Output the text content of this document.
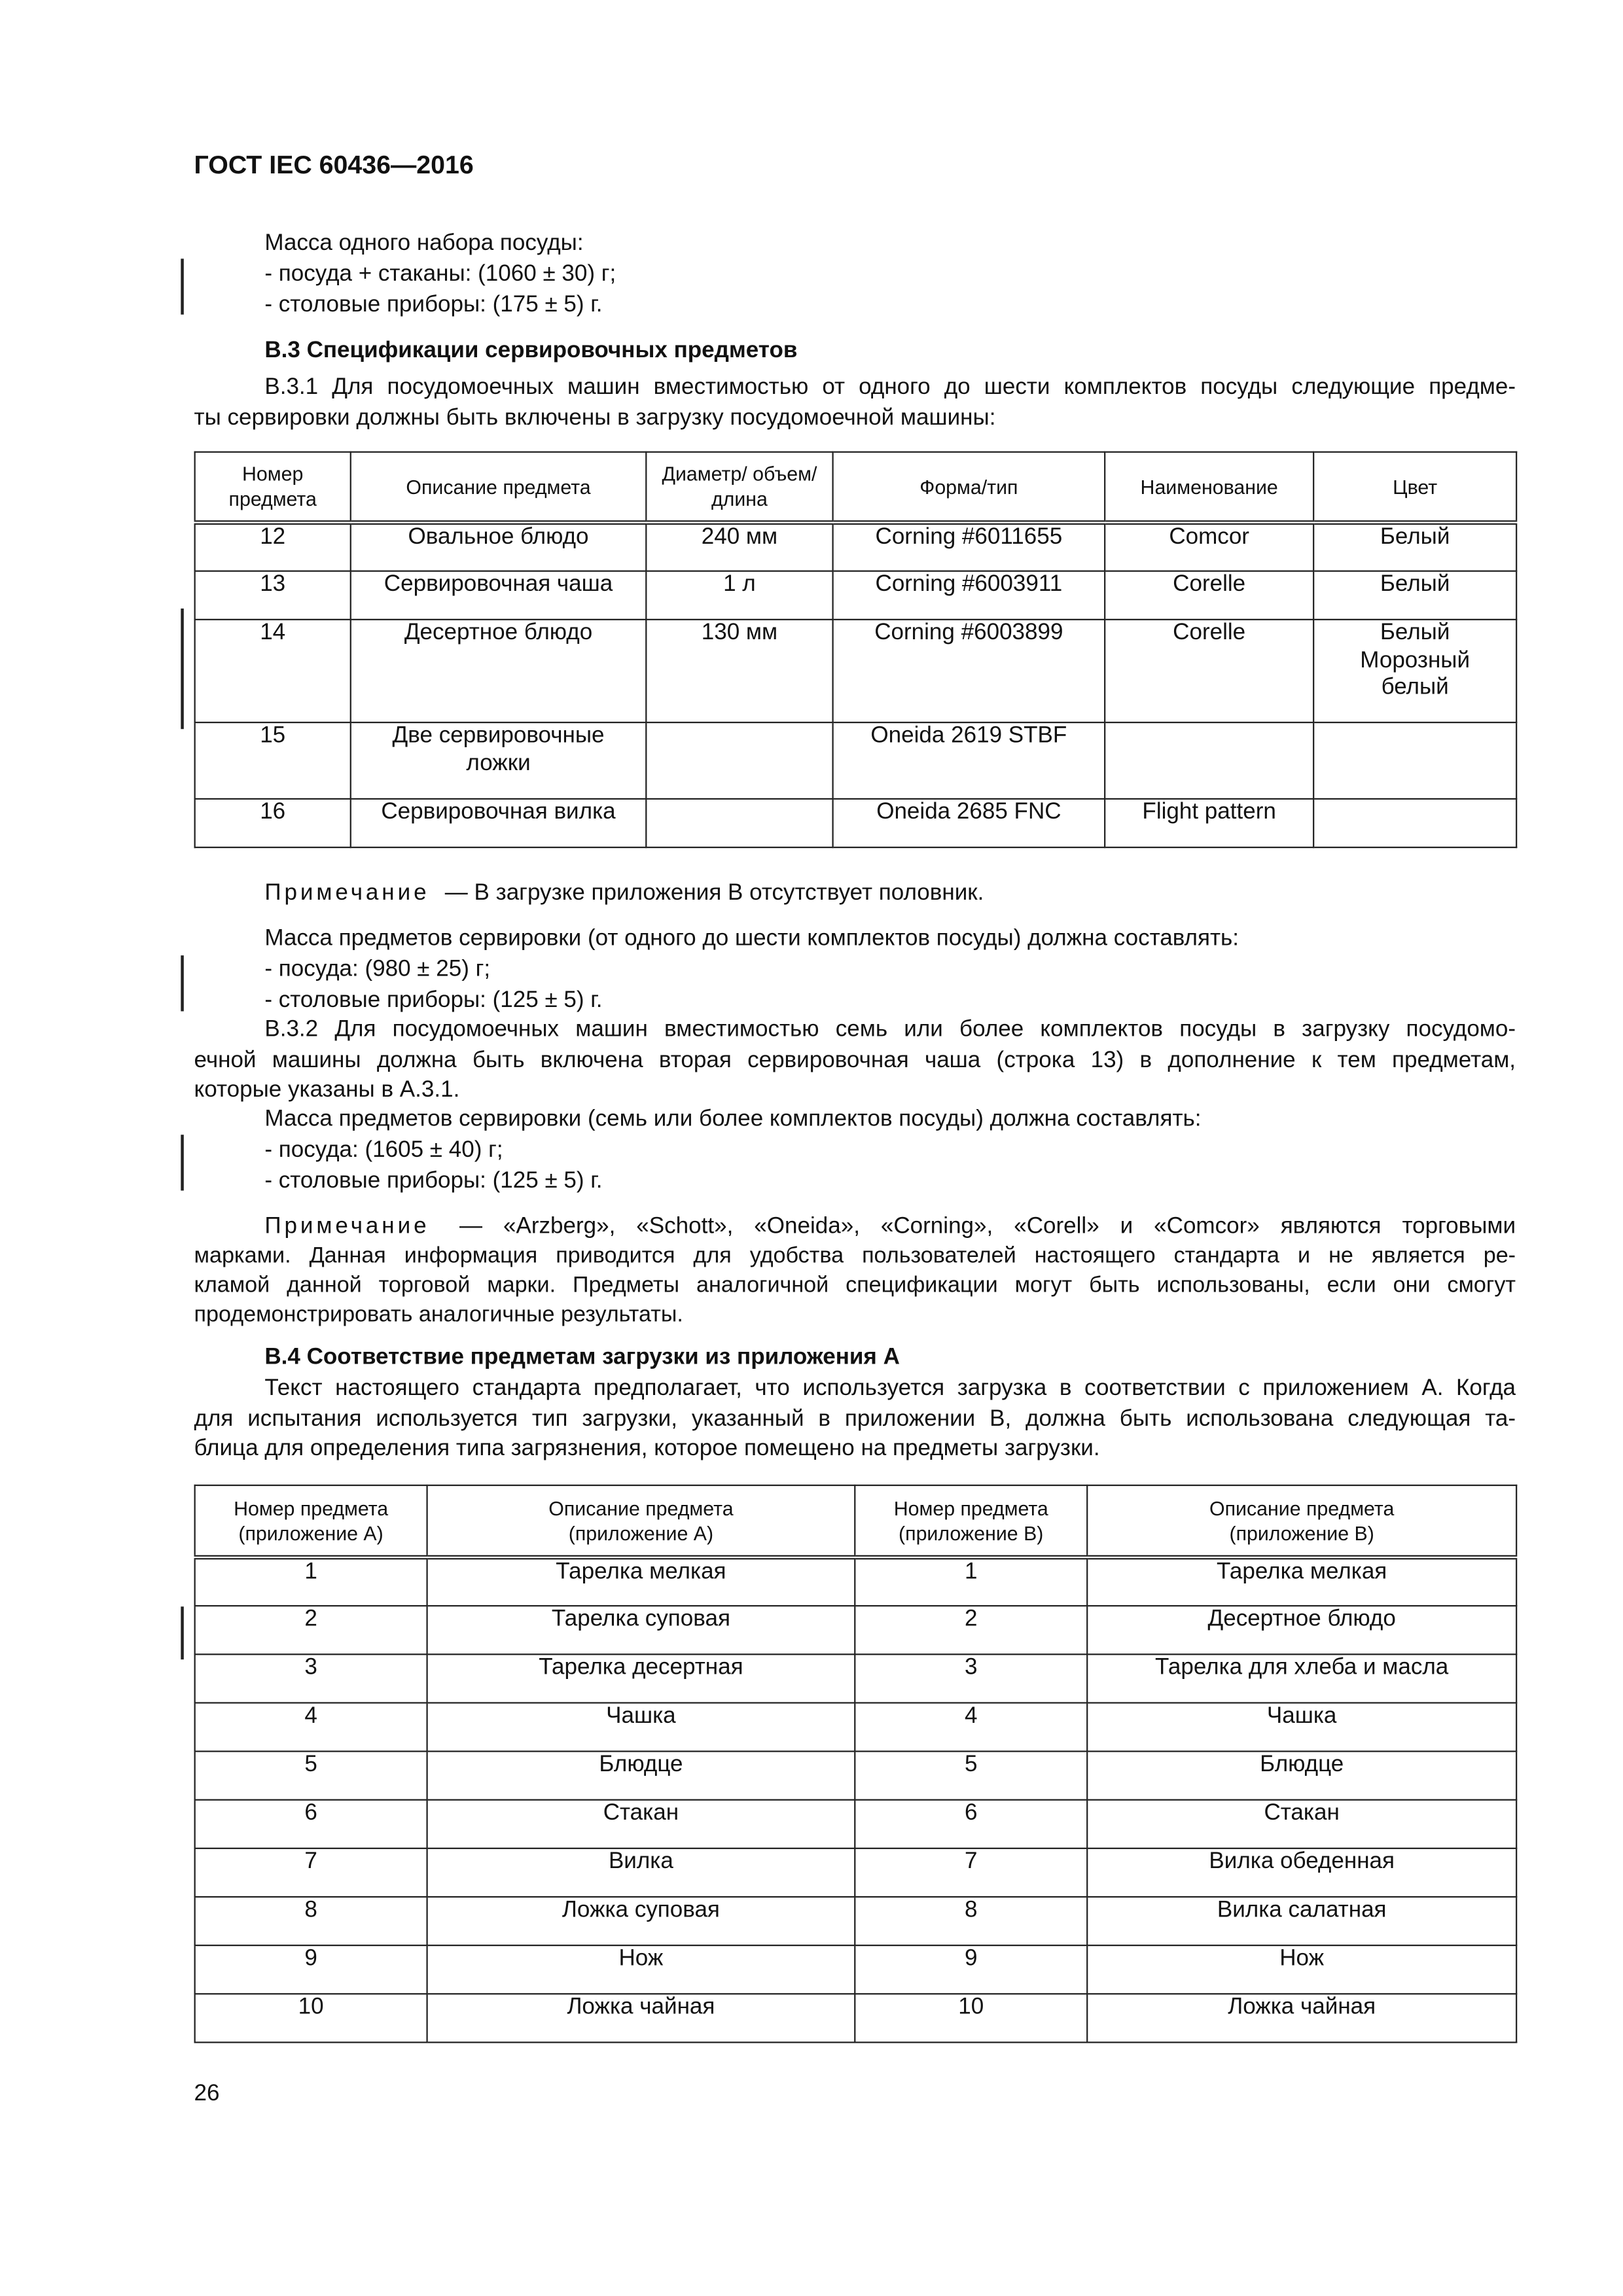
ГОСТ IEC 60436—2016
Масса одного набора посуды:
- посуда + стаканы: (1060 ± 30) г;
- столовые приборы: (175 ± 5) г.
B.3 Спецификации сервировочных предметов
B.3.1 Для посудомоечных машин вместимостью от одного до шести комплектов посуды следующие предме-
ты сервировки должны быть включены в загрузку посудомоечной машины:
Номер предмета	Описание предмета	Диаметр/ объем/длина	Форма/тип	Наименование	Цвет
12	Овальное блюдо	240 мм	Corning #6011655	Comcor	Белый
13	Сервировочная чаша	1 л	Corning #6003911	Corelle	Белый
14	Десертное блюдо	130 мм	Corning #6003899	Corelle	Белый Морозный белый
15	Две сервировочные ложки		Oneida 2619 STBF		
16	Сервировочная вилка		Oneida 2685 FNC	Flight pattern	
Примечание — В загрузке приложения В отсутствует половник.
Масса предметов сервировки (от одного до шести комплектов посуды) должна составлять:
- посуда: (980 ± 25) г;
- столовые приборы: (125 ± 5) г.
B.3.2 Для посудомоечных машин вместимостью семь или более комплектов посуды в загрузку посудомо-
ечной машины должна быть включена вторая сервировочная чаша (строка 13) в дополнение к тем предметам,
которые указаны в А.3.1.
Масса предметов сервировки (семь или более комплектов посуды) должна составлять:
- посуда: (1605 ± 40) г;
- столовые приборы: (125 ± 5) г.
Примечание	— «Arzberg», «Schott», «Oneida», «Corning», «Corell» и «Comcor» являются торговыми
марками. Данная информация приводится для удобства пользователей настоящего стандарта и не является ре-
кламой данной торговой марки. Предметы аналогичной спецификации могут быть использованы, если они смогут
продемонстрировать аналогичные результаты.
B.4 Соответствие предметам загрузки из приложения A
Текст настоящего стандарта предполагает, что используется загрузка в соответствии с приложением А. Когда
для испытания используется тип загрузки, указанный в приложении В, должна быть использована следующая та-
блица для определения типа загрязнения, которое помещено на предметы загрузки.
Номер предмета (приложение А)	Описание предмета (приложение А)	Номер предмета (приложение В)	Описание предмета (приложение В)
1	Тарелка мелкая	1	Тарелка мелкая
2	Тарелка суповая	2	Десертное блюдо
3	Тарелка десертная	3	Тарелка для хлеба и масла
4	Чашка	4	Чашка
5	Блюдце	5	Блюдце
6	Стакан	6	Стакан
7	Вилка	7	Вилка обеденная
8	Ложка суповая	8	Вилка салатная
9	Нож	9	Нож
10	Ложка чайная	10	Ложка чайная
26
